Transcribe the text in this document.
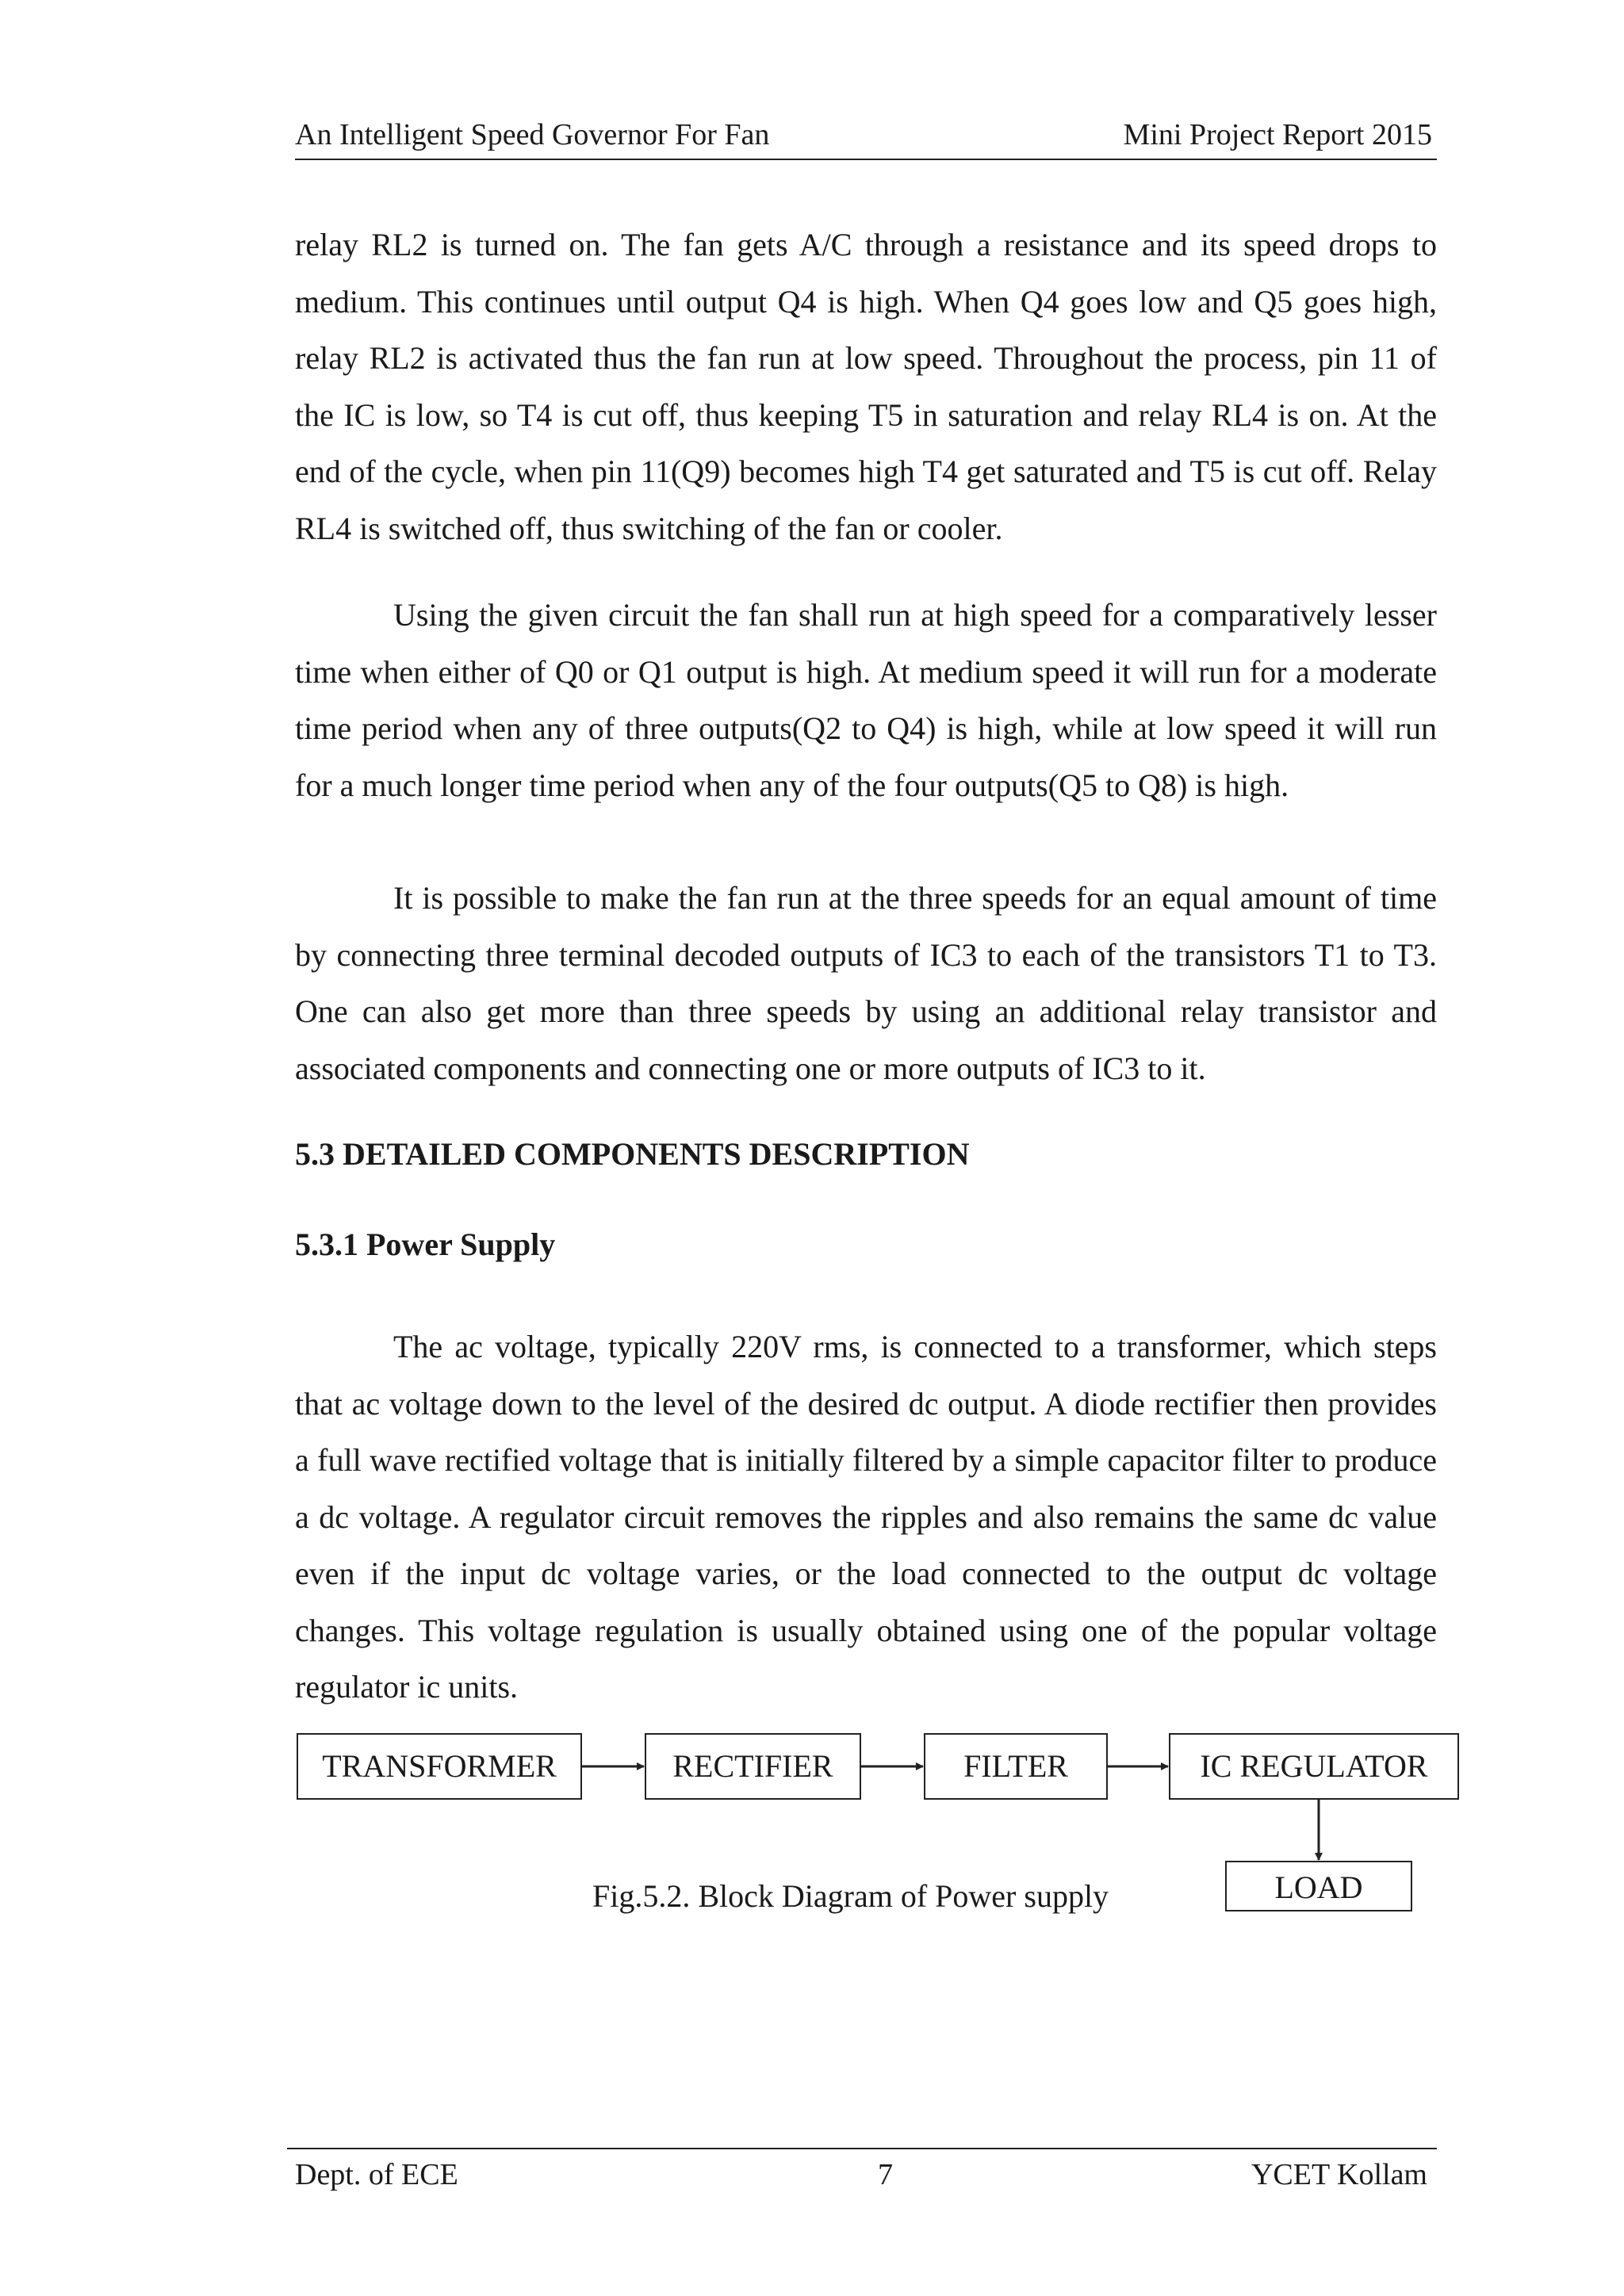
An Intelligent Speed Governor For Fan	Mini Project Report 2015

relay RL2 is turned on. The fan gets A/C through a resistance and its speed drops to medium. This continues until output Q4 is high. When Q4 goes low and Q5 goes high, relay RL2 is activated thus the fan run at low speed. Throughout the process, pin 11 of the IC is low, so T4 is cut off, thus keeping T5 in saturation and relay RL4 is on. At the end of the cycle, when pin 11(Q9) becomes high T4 get saturated and T5 is cut off. Relay RL4 is switched off, thus switching of the fan or cooler.

Using the given circuit the fan shall run at high speed for a comparatively lesser time when either of Q0 or Q1 output is high. At medium speed it will run for a moderate time period when any of three outputs(Q2 to Q4) is high, while at low speed it will run for a much longer time period when any of the four outputs(Q5 to Q8) is high.

It is possible to make the fan run at the three speeds for an equal amount of time by connecting three terminal decoded outputs of IC3 to each of the transistors T1 to T3. One can also get more than three speeds by using an additional relay transistor and associated components and connecting one or more outputs of IC3 to it.

5.3 DETAILED COMPONENTS DESCRIPTION
5.3.1 Power Supply

The ac voltage, typically 220V rms, is connected to a transformer, which steps that ac voltage down to the level of the desired dc output. A diode rectifier then provides a full wave rectified voltage that is initially filtered by a simple capacitor filter to produce a dc voltage. A regulator circuit removes the ripples and also remains the same dc value even if the input dc voltage varies, or the load connected to the output dc voltage changes. This voltage regulation is usually obtained using one of the popular voltage regulator ic units.

TRANSFORMER	RECTIFIER	FILTER	IC REGULATOR
LOAD
Fig.5.2. Block Diagram of Power supply
Dept. of ECE	7	YCET Kollam
